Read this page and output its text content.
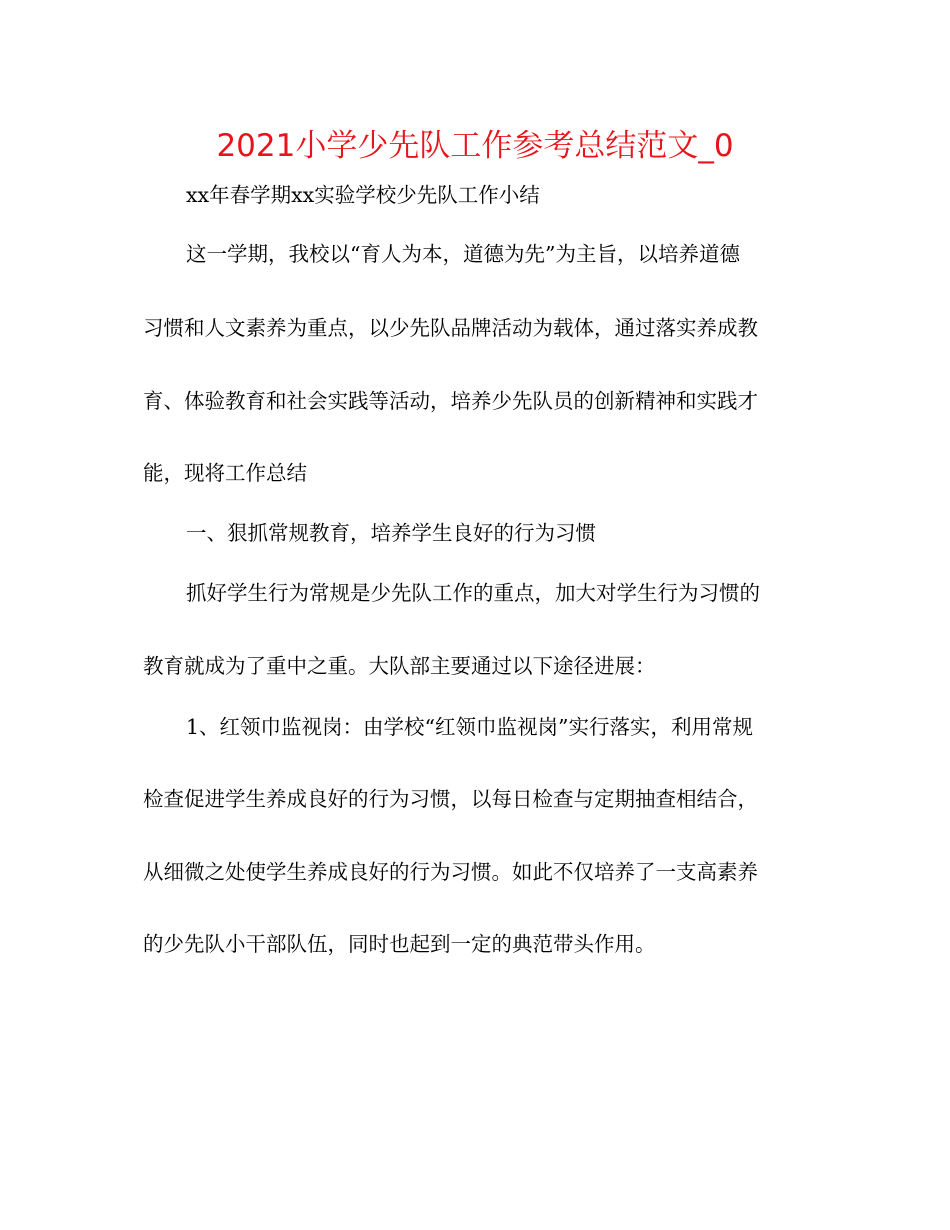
2021小学少先队工作参考总结范文_0
xx年春学期xx实验学校少先队工作小结
这一学期，我校以“育人为本，道德为先”为主旨，以培养道德
习惯和人文素养为重点，以少先队品牌活动为载体，通过落实养成教
育、体验教育和社会实践等活动，培养少先队员的创新精神和实践才
能，现将工作总结
一、狠抓常规教育，培养学生良好的行为习惯
抓好学生行为常规是少先队工作的重点，加大对学生行为习惯的
教育就成为了重中之重。大队部主要通过以下途径进展：
1、红领巾监视岗：由学校“红领巾监视岗”实行落实，利用常规
检查促进学生养成良好的行为习惯，以每日检查与定期抽查相结合，
从细微之处使学生养成良好的行为习惯。如此不仅培养了一支高素养
的少先队小干部队伍，同时也起到一定的典范带头作用。
